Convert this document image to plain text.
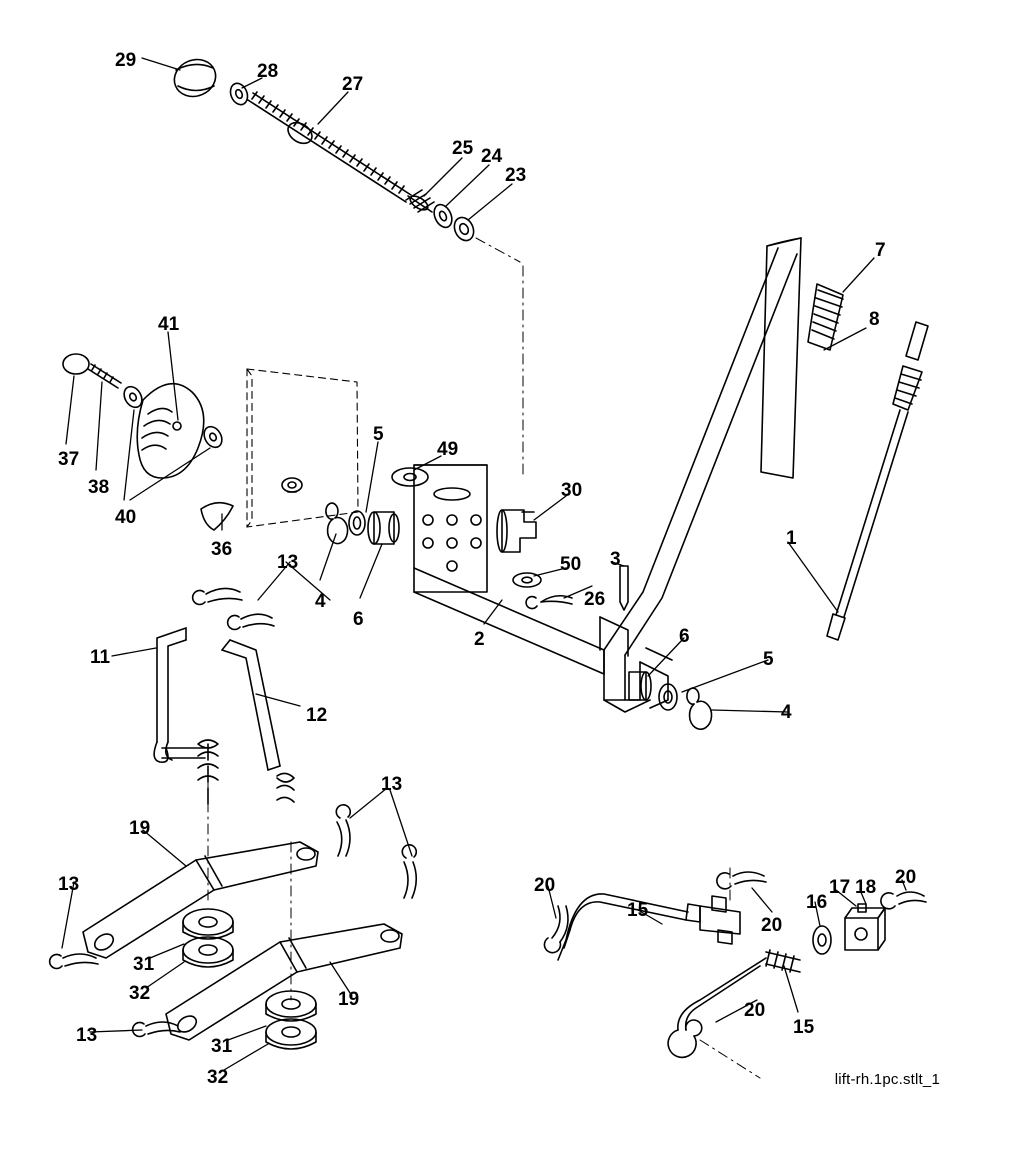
29
28
27
25 24
23
7
8
41
37
38
40
5
49
30
1
36
13	50 3
4
6
26
2	6
5
11
12	4
13
19
13	20	17 18 20
16
15
20
31
32	19
20
15
13
31
32	lift-rh.1pc.stlt_1
